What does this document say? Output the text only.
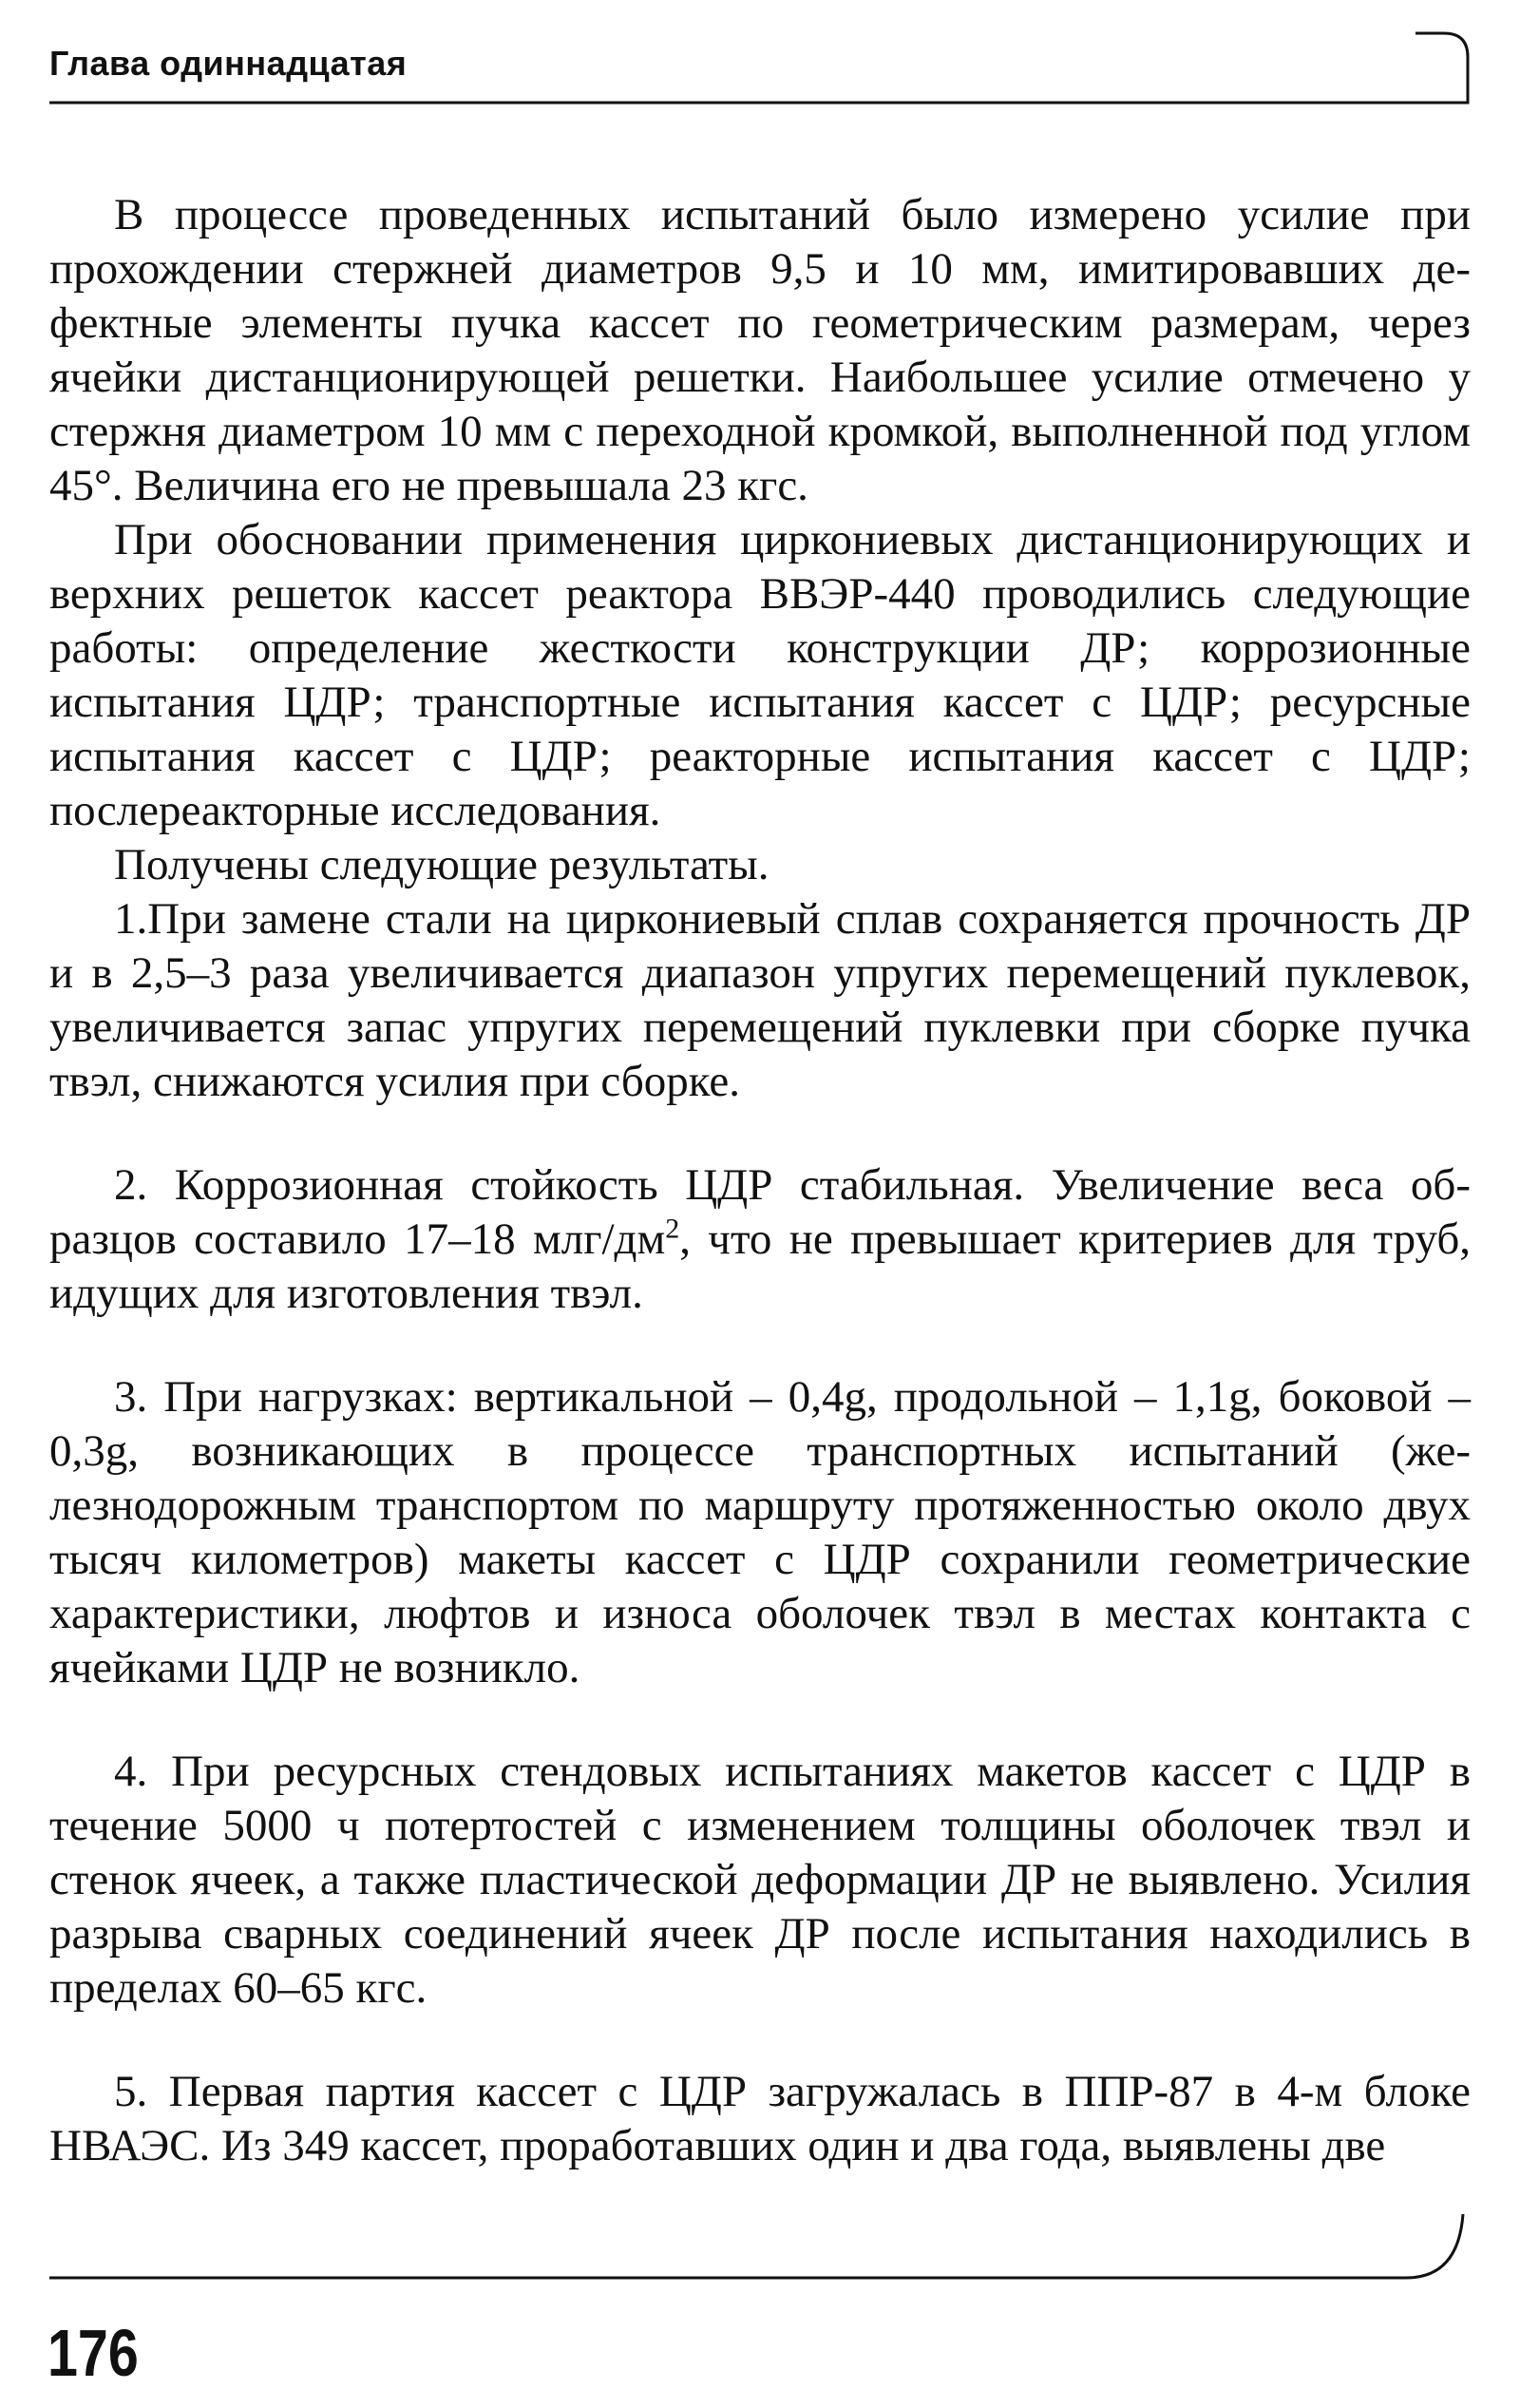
Глава одиннадцатая

В процессе проведенных испытаний было измерено усилие при прохождении стержней диаметров 9,5 и 10 мм, имитировавших дефектные элементы пучка кассет по геометрическим размерам, через ячейки дистанционирующей решетки. Наибольшее усилие отмечено у стержня диаметром 10 мм с переходной кромкой, выполненной под углом 45°. Величина его не превышала 23 кгс.

При обосновании применения циркониевых дистанционирующих и верхних решеток кассет реактора ВВЭР-440 проводились следующие работы: определение жесткости конструкции ДР; коррозионные испытания ЦДР; транспортные испытания кассет с ЦДР; ресурсные испытания кассет с ЦДР; реакторные испытания кассет с ЦДР; послереакторные исследования.

Получены следующие результаты.

1.При замене стали на циркониевый сплав сохраняется прочность ДР и в 2,5–3 раза увеличивается диапазон упругих перемещений пуклевок, увеличивается запас упругих перемещений пуклевки при сборке пучка твэл, снижаются усилия при сборке.

2. Коррозионная стойкость ЦДР стабильная. Увеличение веса образцов составило 17–18 млг/$дм^2$, что не превышает критериев для труб, идущих для изготовления твэл.

3. При нагрузках: вертикальной – 0,4g, продольной – 1,1g, боковой – 0,3g, возникающих в процессе транспортных испытаний (железнодорожным транспортом по маршруту протяженностью около двух тысяч километров) макеты кассет с ЦДР сохранили геометрические характеристики, люфтов и износа оболочек твэл в местах контакта с ячейками ЦДР не возникло.

4. При ресурсных стендовых испытаниях макетов кассет с ЦДР в течение 5000 ч потертостей с изменением толщины оболочек твэл и стенок ячеек, а также пластической деформации ДР не выявлено. Усилия разрыва сварных соединений ячеек ДР после испытания находились в пределах 60–65 кгс.

5. Первая партия кассет с ЦДР загружалась в ППР-87 в 4-м блоке НВАЭС. Из 349 кассет, проработавших один и два года, выявлены две

176
